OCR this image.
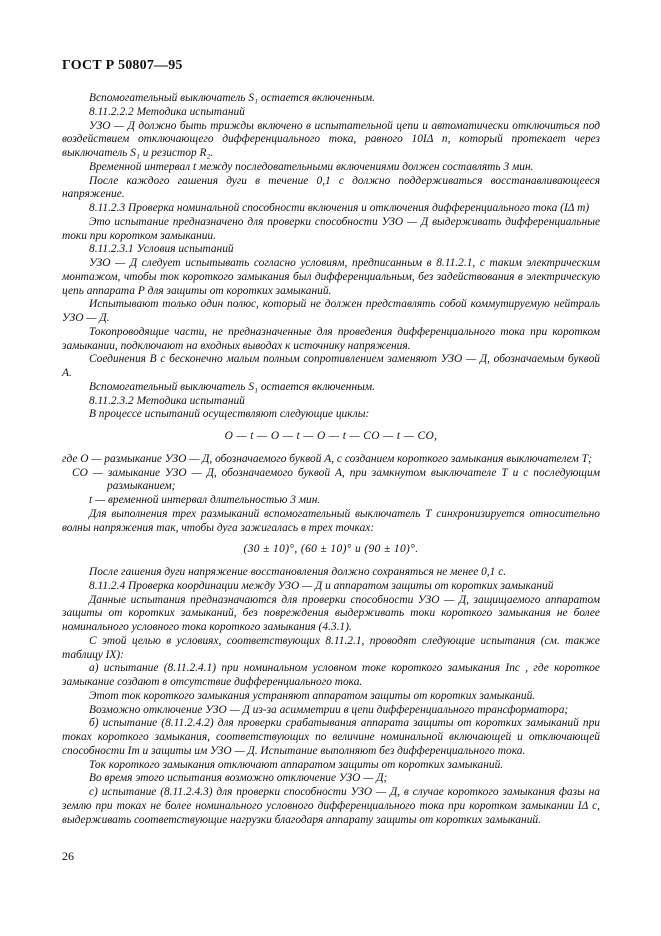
ГОСТ Р 50807—95

Вспомогательный выключатель S₁ остается включенным.

8.11.2.2.2 Методика испытаний

УЗО — Д должно быть трижды включено в испытательной цепи и автоматически отключиться под воздействием отключающего дифференциального тока, равного 10IΔ n, который протекает через выключатель S₁ и резистор R₂.

Временной интервал t между последовательными включениями должен составлять 3 мин.

После каждого гашения дуги в течение 0,1 с должно поддерживаться восстанавливающееся напряжение.

8.11.2.3 Проверка номинальной способности включения и отключения дифференциального тока (IΔ m)

Это испытание предназначено для проверки способности УЗО — Д выдерживать дифференциальные токи при коротком замыкании.

8.11.2.3.1 Условия испытаний

УЗО — Д следует испытывать согласно условиям, предписанным в 8.11.2.1, с таким электрическим монтажом, чтобы ток короткого замыкания был дифференциальным, без задействования в электрическую цепь аппарата Р для защиты от коротких замыканий.

Испытывают только один полюс, который не должен представлять собой коммутируемую нейтраль УЗО — Д.

Токопроводящие части, не предназначенные для проведения дифференциального тока при коротком замыкании, подключают на входных выводах к источнику напряжения.

Соединения В с бесконечно малым полным сопротивлением заменяют УЗО — Д, обозначаемым буквой А.

Вспомогательный выключатель S₁ остается включенным.

8.11.2.3.2 Методика испытаний

В процессе испытаний осуществляют следующие циклы:

О — t — О — t — О — t — СО — t — СО,

где О — размыкание УЗО — Д, обозначаемого буквой А, с созданием короткого замыкания выключателем Т;

СО — замыкание УЗО — Д, обозначаемого буквой А, при замкнутом выключателе Т и с последующим размыканием;

t — временной интервал длительностью 3 мин.

Для выполнения трех размыканий вспомогательный выключатель Т синхронизируется относительно волны напряжения так, чтобы дуга зажигалась в трех точках:

(30 ± 10)°, (60 ± 10)° и (90 ± 10)°.

После гашения дуги напряжение восстановления должно сохраняться не менее 0,1 с.

8.11.2.4 Проверка координации между УЗО — Д и аппаратом защиты от коротких замыканий

Данные испытания предназначаются для проверки способности УЗО — Д, защищаемого аппаратом защиты от коротких замыканий, без повреждения выдерживать токи короткого замыкания не более номинального условного тока короткого замыкания (4.3.1).

С этой целью в условиях, соответствующих 8.11.2.1, проводят следующие испытания (см. также таблицу IX):

а) испытание (8.11.2.4.1) при номинальном условном токе короткого замыкания Inc , где короткое замыкание создают в отсутствие дифференциального тока.

Этот ток короткого замыкания устраняют аппаратом защиты от коротких замыканий.

Возможно отключение УЗО — Д из-за асимметрии в цепи дифференциального трансформатора;

б) испытание (8.11.2.4.2) для проверки срабатывания аппарата защиты от коротких замыканий при токах короткого замыкания, соответствующих по величине номинальной включающей и отключающей способности Im и защиты им УЗО — Д. Испытание выполняют без дифференциального тока.

Ток короткого замыкания отключают аппаратом защиты от коротких замыканий.

Во время этого испытания возможно отключение УЗО — Д;

с) испытание (8.11.2.4.3) для проверки способности УЗО — Д, в случае короткого замыкания фазы на землю при токах не более номинального условного дифференциального тока при коротком замыкании IΔ c, выдерживать соответствующие нагрузки благодаря аппарату защиты от коротких замыканий.

26
